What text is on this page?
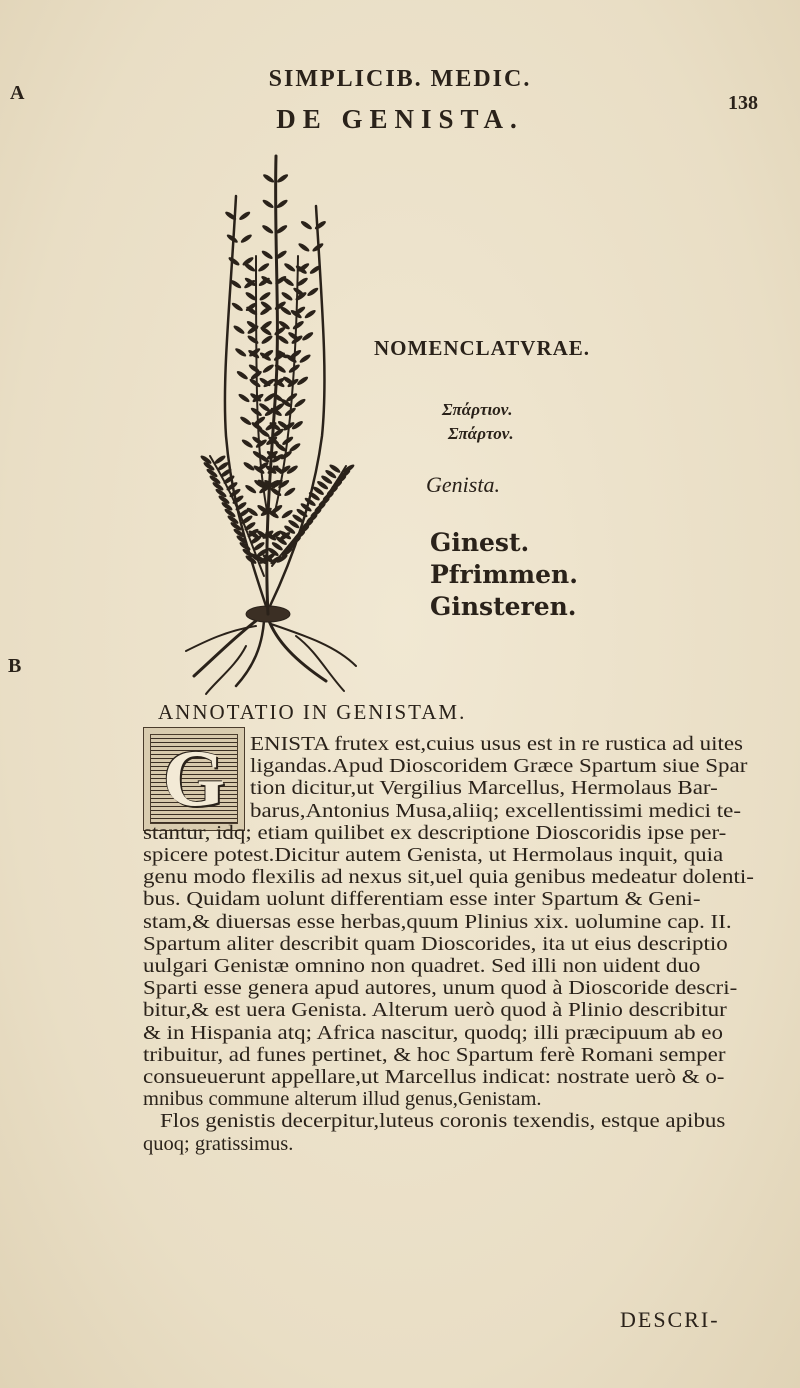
A
B
SIMPLICIB. MEDIC.
DE GENISTA.
138
NOMENCLATVRAE.
Σπάρτιον.
Σπάρτον.
Genista.
Ginest.
Pfrimmen.
Ginsteren.
ANNOTATIO IN GENISTAM.
G	ENISTA frutex est,cuius usus est in re rustica ad uites
ligandas.Apud Dioscoridem Græce Spartum siue Spar
tion dicitur,ut Vergilius Marcellus, Hermolaus Bar-
barus,Antonius Musa,aliiq; excellentissimi medici te-
stantur, idq; etiam quilibet ex descriptione Dioscoridis ipse per-
spicere potest.Dicitur autem Genista, ut Hermolaus inquit, quia
genu modo flexilis ad nexus sit,uel quia genibus medeatur dolenti-
bus. Quidam uolunt differentiam esse inter Spartum & Geni-
stam,& diuersas esse herbas,quum Plinius xix. uolumine cap. II.
Spartum aliter describit quam Dioscorides, ita ut eius descriptio
uulgari Genistæ omnino non quadret. Sed illi non uident duo
Sparti esse genera apud autores, unum quod à Dioscoride descri-
bitur,& est uera Genista. Alterum uerò quod à Plinio describitur
& in Hispania atq; Africa nascitur, quodq; illi præcipuum ab eo
tribuitur, ad funes pertinet, & hoc Spartum ferè Romani semper
consueuerunt appellare,ut Marcellus indicat: nostrate uerò & o-
mnibus commune alterum illud genus,Genistam.
Flos genistis decerpitur,luteus coronis texendis, estque apibus
quoq; gratissimus.
DESCRI-
